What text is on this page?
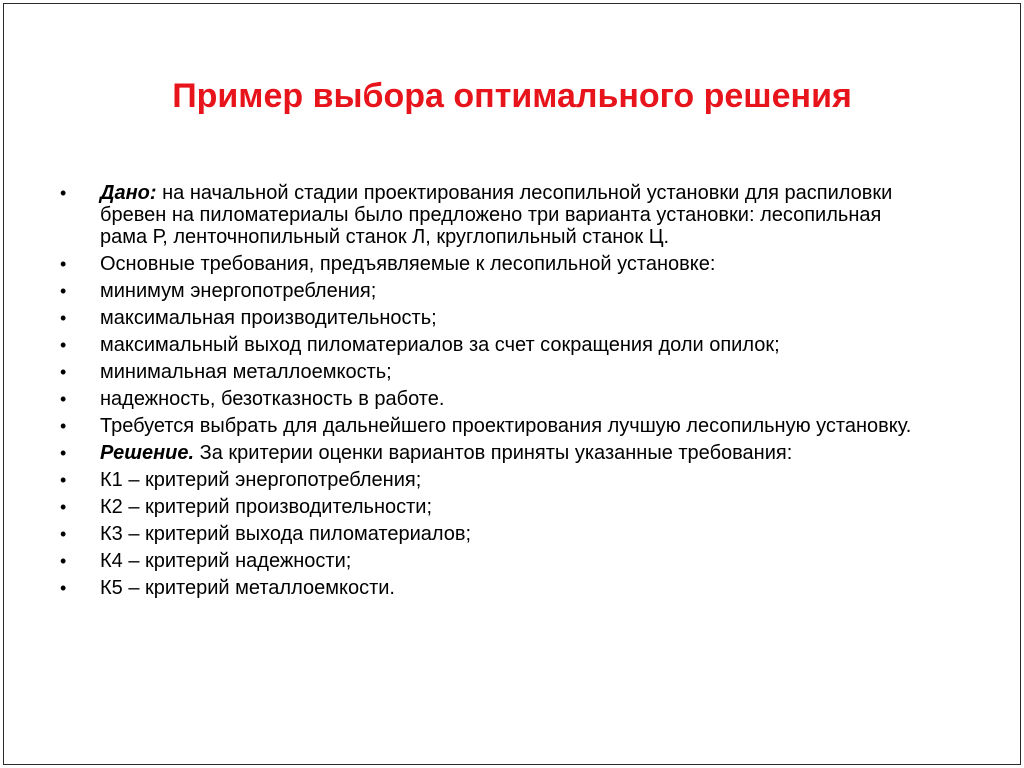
Пример выбора оптимального решения
• Дано: на начальной стадии проектирования лесопильной установки для распиловки бревен на пиломатериалы было предложено три варианта установки: лесопильная рама Р, ленточнопильный станок Л, круглопильный станок Ц.
• Основные требования, предъявляемые к лесопильной установке:
• минимум энергопотребления;
• максимальная производительность;
• максимальный выход пиломатериалов за счет сокращения доли опилок;
• минимальная металлоемкость;
• надежность, безотказность в работе.
• Требуется выбрать для дальнейшего проектирования лучшую лесопильную установку.
• Решение. За критерии оценки вариантов приняты указанные требования:
• К1 – критерий энергопотребления;
• К2 – критерий производительности;
• К3 – критерий выхода пиломатериалов;
• К4 – критерий надежности;
• К5 – критерий металлоемкости.
